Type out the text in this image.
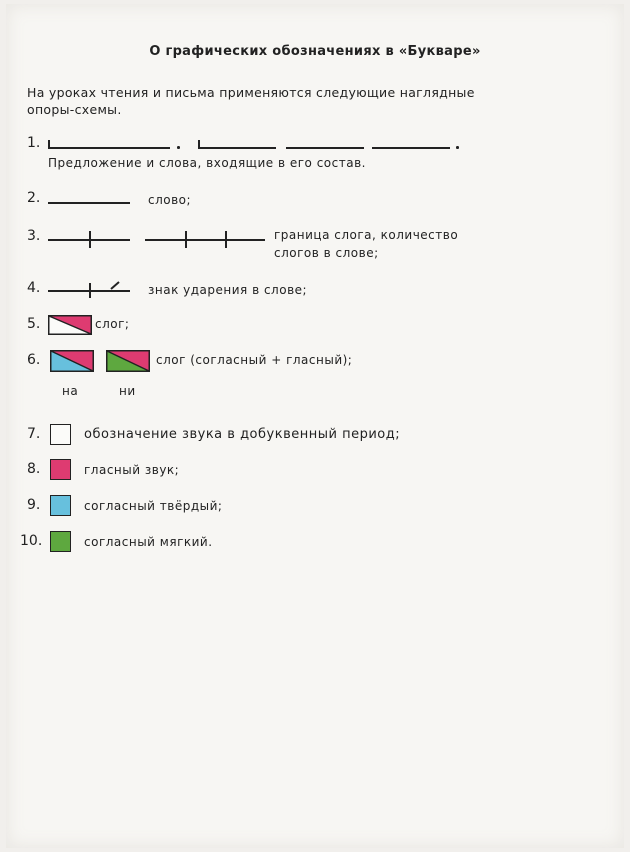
О графических обозначениях в «Букваре»
На уроках чтения и письма применяются следующие наглядные
опоры-схемы.
1.
Предложение и слова, входящие в его состав.
2.	слово;
3.	граница слога, количество
слогов в слове;
4.	знак ударения в слове;
5.	слог;
6.	слог (согласный + гласный);
на	ни
7.	обозначение звука в добуквенный период;
8.	гласный звук;
9.	согласный твёрдый;
10.	согласный мягкий.
